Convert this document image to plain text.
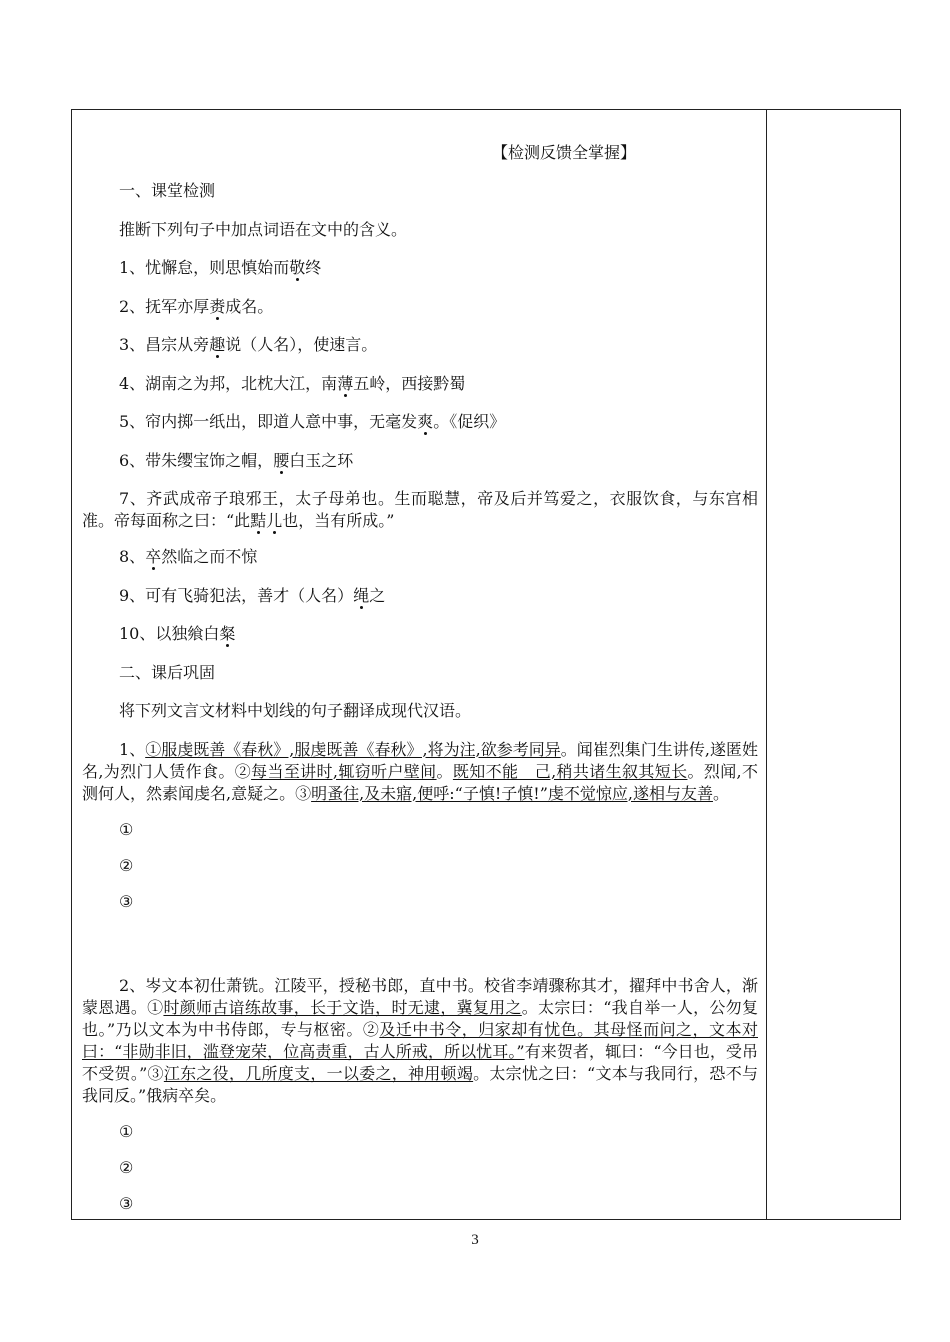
【检测反馈全掌握】
一、课堂检测
推断下列句子中加点词语在文中的含义。
1、忧懈怠，则思慎始而敬终
2、抚军亦厚赉成名。
3、昌宗从旁趣说（人名），使速言。
4、湖南之为邦，北枕大江，南薄五岭，西接黔蜀
5、帘内掷一纸出，即道人意中事，无毫发爽。《促织》
6、带朱缨宝饰之帽，腰白玉之环
7、齐武成帝子琅邪王，太子母弟也。生而聪慧，帝及后并笃爱之，衣服饮食，与东宫相准。帝每面称之曰：“此黠儿也，当有所成。”
8、卒然临之而不惊
9、可有飞骑犯法，善才（人名）绳之
10、以独飨白粲
二、课后巩固
将下列文言文材料中划线的句子翻译成现代汉语。
1、①服虔既善《春秋》,服虔既善《春秋》,将为注,欲参考同异。闻崔烈集门生讲传,遂匿姓名,为烈门人赁作食。②每当至讲时,辄窃听户壁间。既知不能　己,稍共诸生叙其短长。烈闻,不测何人，然素闻虔名,意疑之。③明蚤往,及未寤,便呼:“子慎!子慎!”虔不觉惊应,遂相与友善。
①
②
③
2、岑文本初仕萧铣。江陵平，授秘书郎，直中书。校省李靖骤称其才，擢拜中书舍人，渐蒙恩遇。①时颜师古谙练故事，长于文诰，时无逮，冀复用之。太宗曰：“我自举一人，公勿复也。”乃以文本为中书侍郎，专与枢密。②及迁中书令，归家却有忧色。其母怪而问之，文本对曰：“非勋非旧，滥登宠荣，位高责重，古人所戒，所以忧耳。”有来贺者，辄曰：“今日也，受吊不受贺。”③江东之役，几所度支，一以委之，神用顿竭。太宗忧之曰：“文本与我同行，恐不与我同反。”俄病卒矣。
①
②
③
3
